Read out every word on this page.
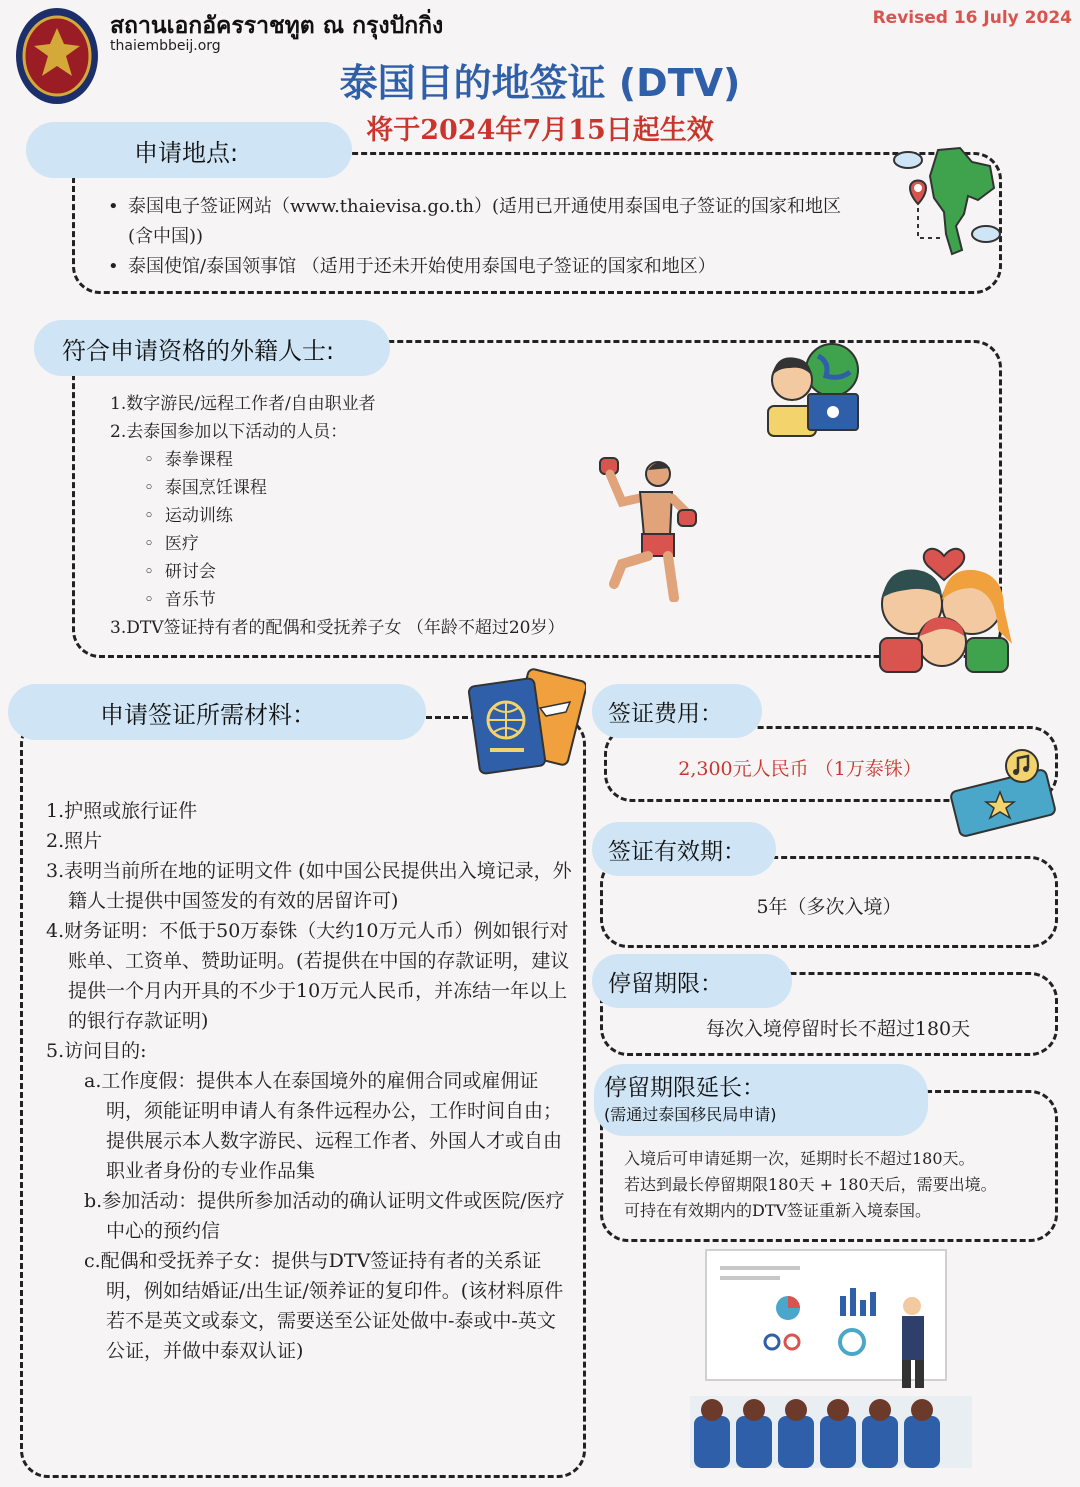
สถานเอกอัครราชทูต ณ กรุงปักกิ่ง
thaiembbeij.org
Revised 16 July 2024
泰国目的地签证 (DTV)
将于2024年7月15日起生效
申请地点:
• 泰国电子签证网站（www.thaievisa.go.th）(适用已开通使用泰国电子签证的国家和地区 (含中国))
• 泰国使馆/泰国领事馆 （适用于还未开始使用泰国电子签证的国家和地区）
符合申请资格的外籍人士:
1.数字游民/远程工作者/自由职业者
2.去泰国参加以下活动的人员：
◦  泰拳课程
◦  泰国烹饪课程
◦  运动训练
◦  医疗
◦  研讨会
◦  音乐节
3.DTV签证持有者的配偶和受抚养子女 （年龄不超过20岁）
申请签证所需材料：
1.护照或旅行证件
2.照片
3.表明当前所在地的证明文件 (如中国公民提供出入境记录，外籍人士提供中国签发的有效的居留许可)
4.财务证明：不低于50万泰铢（大约10万元人币）例如银行对账单、工资单、赞助证明。(若提供在中国的存款证明，建议提供一个月内开具的不少于10万元人民币，并冻结一年以上的银行存款证明)
5.访问目的:
a.工作度假：提供本人在泰国境外的雇佣合同或雇佣证明，须能证明申请人有条件远程办公，工作时间自由；提供展示本人数字游民、远程工作者、外国人才或自由职业者身份的专业作品集
b.参加活动：提供所参加活动的确认证明文件或医院/医疗中心的预约信
c.配偶和受抚养子女：提供与DTV签证持有者的关系证明，例如结婚证/出生证/领养证的复印件。(该材料原件若不是英文或泰文，需要送至公证处做中-泰或中-英文公证，并做中泰双认证)
签证费用：
2,300元人民币 （1万泰铢）
签证有效期：
5年（多次入境）
停留期限：
每次入境停留时长不超过180天
停留期限延长：
(需通过泰国移民局申请)
入境后可申请延期一次，延期时长不超过180天。
若达到最长停留期限180天 + 180天后，需要出境。
可持在有效期内的DTV签证重新入境泰国。
